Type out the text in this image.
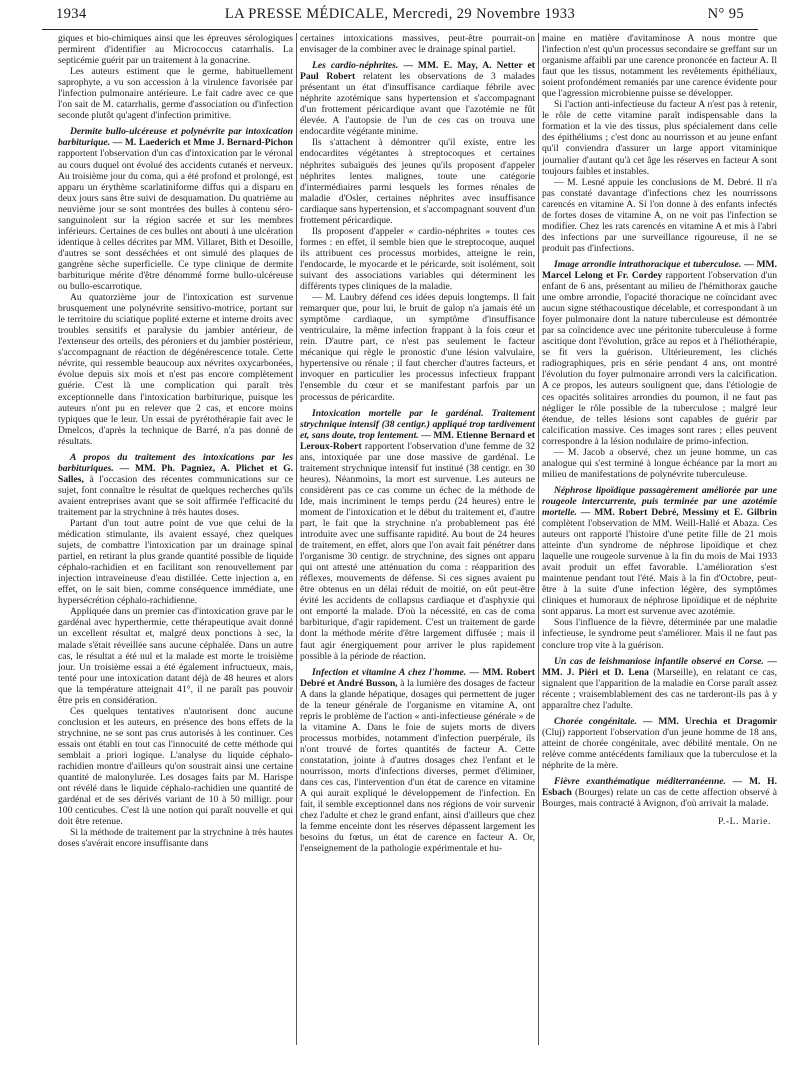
1934	LA PRESSE MÉDICALE, Mercredi, 29 Novembre 1933	N° 95

giques et bio-chimiques ainsi que les épreuves sérologiques permirent d'identifier au Micrococcus catarrhalis. La septicémie guérit par un traitement à la gonacrine.

Les auteurs estiment que le germe, habituellement saprophyte, a vu son accession à la virulence favorisée par l'infection pulmonaire antérieure. Le fait cadre avec ce que l'on sait de M. catarrhalis, germe d'association ou d'infection seconde plutôt qu'agent d'infection primitive.

Dermite bullo-ulcéreuse et polynévrite par intoxication barbiturique. — M. Laederich et Mme J. Bernard-Pichon rapportent l'observation d'un cas d'intoxication par le véronal au cours duquel ont évolué des accidents cutanés et nerveux. Au troisième jour du coma, qui a été profond et prolongé, est apparu un érythème scarlatiniforme diffus qui a disparu en deux jours sans être suivi de desquamation. Du quatrième au neuvième jour se sont montrées des bulles à contenu séro-sanguinolent sur la région sacrée et sur les membres inférieurs. Certaines de ces bulles ont abouti à une ulcération identique à celles décrites par MM. Villaret, Bith et Desoille, d'autres se sont desséchées et ont simulé des plaques de gangrène sèche superficielle. Ce type clinique de dermite barbiturique mérite d'être dénommé forme bullo-ulcéreuse ou bullo-escarrotique.

Au quatorzième jour de l'intoxication est survenue brusquement une polynévrite sensitivo-motrice, portant sur le territoire du sciatique poplité externe et interne droits avec troubles sensitifs et paralysie du jambier antérieur, de l'extenseur des orteils, des péroniers et du jambier postérieur, s'accompagnant de réaction de dégénérescence totale. Cette névrite, qui ressemble beaucoup aux névrites oxycarbonées, évolue depuis six mois et n'est pas encore complètement guérie. C'est là une complication qui paraît très exceptionnelle dans l'intoxication barbiturique, puisque les auteurs n'ont pu en relever que 2 cas, et encore moins typiques que le leur. Un essai de pyrétothérapie fait avec le Dmelcos, d'après la technique de Barré, n'a pas donné de résultats.

A propos du traitement des intoxications par les barbituriques. — MM. Ph. Pagniez, A. Plichet et G. Salles, à l'occasion des récentes communications sur ce sujet, font connaître le résultat de quelques recherches qu'ils avaient entreprises avant que se soit affirmée l'efficacité du traitement par la strychnine à très hautes doses.

Partant d'un tout autre point de vue que celui de la médication stimulante, ils avaient essayé, chez quelques sujets, de combattre l'intoxication par un drainage spinal partiel, en retirant la plus grande quantité possible de liquide céphalo-rachidien et en facilitant son renouvellement par injection intraveineuse d'eau distillée. Cette injection a, en effet, on le sait bien, comme conséquence immédiate, une hypersécrétion céphalo-rachidienne.

Appliquée dans un premier cas d'intoxication grave par le gardénal avec hyperthermie, cette thérapeutique avait donné un excellent résultat et, malgré deux ponctions à sec, la malade s'était réveillée sans aucune céphalée. Dans un autre cas, le résultat a été nul et la malade est morte le troisième jour. Un troisième essai a été également infructueux, mais, tenté pour une intoxication datant déjà de 48 heures et alors que la température atteignait 41°, il ne paraît pas pouvoir être pris en considération.

Ces quelques tentatives n'autorisent donc aucune conclusion et les auteurs, en présence des bons effets de la strychnine, ne se sont pas crus autorisés à les continuer. Ces essais ont établi en tout cas l'innocuité de cette méthode qui semblait a priori logique. L'analyse du liquide céphalo-rachidien montre d'ailleurs qu'on soustrait ainsi une certaine quantité de malonylurée. Les dosages faits par M. Harispe ont révélé dans le liquide céphalo-rachidien une quantité de gardénal et de ses dérivés variant de 10 à 50 milligr. pour 100 centicubes. C'est là une notion qui paraît nouvelle et qui doit être retenue.

Si la méthode de traitement par la strychnine à très hautes doses s'avérait encore insuffisante dans

certaines intoxications massives, peut-être pourrait-on envisager de la combiner avec le drainage spinal partiel.

Les cardio-néphrites. — MM. E. May, A. Netter et Paul Robert relatent les observations de 3 malades présentant un état d'insuffisance cardiaque fébrile avec néphrite azotémique sans hypertension et s'accompagnant d'un frottement péricardique avant que l'azotémie ne fût élevée. A l'autopsie de l'un de ces cas on trouva une endocardite végétante minime.

Ils s'attachent à démontrer qu'il existe, entre les endocardites végétantes à streptocoques et certaines néphrites subaiguës des jeunes qu'ils proposent d'appeler néphrites lentes malignes, toute une catégorie d'intermédiaires parmi lesquels les formes rénales de maladie d'Osler, certaines néphrites avec insuffisance cardiaque sans hypertension, et s'accompagnant souvent d'un frottement péricardique.

Ils proposent d'appeler « cardio-néphrites » toutes ces formes : en effet, il semble bien que le streptocoque, auquel ils attribuent ces processus morbides, atteigne le rein, l'endocarde, le myocarde et le péricarde, soit isolément, soit suivant des associations variables qui déterminent les différents types cliniques de la maladie.

— M. Laubry défend ces idées depuis longtemps. Il fait remarquer que, pour lui, le bruit de galop n'a jamais été un symptôme cardiaque, un symptôme d'insuffisance ventriculaire, la même infection frappant à la fois cœur et rein. D'autre part, ce n'est pas seulement le facteur mécanique qui règle le pronostic d'une lésion valvulaire, hypertensive ou rénale ; il faut chercher d'autres facteurs, et invoquer en particulier les processus infectieux frappant l'ensemble du cœur et se manifestant parfois par un processus de péricardite.

Intoxication mortelle par le gardénal. Traitement strychnique intensif (38 centigr.) appliqué trop tardivement et, sans doute, trop lentement. — MM. Etienne Bernard et Leroux-Robert rapportent l'observation d'une femme de 32 ans, intoxiquée par une dose massive de gardénal. Le traitement strychnique intensif fut institué (38 centigr. en 30 heures). Néanmoins, la mort est survenue. Les auteurs ne considèrent pas ce cas comme un échec de la méthode de Ide, mais incriminent le temps perdu (24 heures) entre le moment de l'intoxication et le début du traitement et, d'autre part, le fait que la strychnine n'a probablement pas été introduite avec une suffisante rapidité. Au bout de 24 heures de traitement, en effet, alors que l'on avait fait pénétrer dans l'organisme 30 centigr. de strychnine, des signes ont apparu qui ont attesté une atténuation du coma : réapparition des réflexes, mouvements de défense. Si ces signes avaient pu être obtenus en un délai réduit de moitié, on eût peut-être évité les accidents de collapsus cardiaque et d'asphyxie qui ont emporté la malade. D'où la nécessité, en cas de coma barbiturique, d'agir rapidement. C'est un traitement de garde dont la méthode mérite d'être largement diffusée ; mais il faut agir énergiquement pour arriver le plus rapidement possible à la période de réaction.

Infection et vitamine A chez l'homme. — MM. Robert Debré et André Busson, à la lumière des dosages de facteur A dans la glande hépatique, dosages qui permettent de juger de la teneur générale de l'organisme en vitamine A, ont repris le problème de l'action « anti-infectieuse générale » de la vitamine A. Dans le foie de sujets morts de divers processus morbides, notamment d'infection puerpérale, ils n'ont trouvé de fortes quantités de facteur A. Cette constatation, jointe à d'autres dosages chez l'enfant et le nourrisson, morts d'infections diverses, permet d'éliminer, dans ces cas, l'intervention d'un état de carence en vitamine A qui aurait expliqué le développement de l'infection. En fait, il semble exceptionnel dans nos régions de voir survenir chez l'adulte et chez le grand enfant, ainsi d'ailleurs que chez la femme enceinte dont les réserves dépassent largement les besoins du fœtus, un état de carence en facteur A. Or, l'enseignement de la pathologie expérimentale et hu-

maine en matière d'avitaminose A nous montre que l'infection n'est qu'un processus secondaire se greffant sur un organisme affaibli par une carence prononcée en facteur A. Il faut que les tissus, notamment les revêtements épithéliaux, soient profondément remaniés par une carence évidente pour que l'agression microbienne puisse se développer.

Si l'action anti-infectieuse du facteur A n'est pas à retenir, le rôle de cette vitamine paraît indispensable dans la formation et la vie des tissus, plus spécialement dans celle des épithéliums ; c'est donc au nourrisson et au jeune enfant qu'il conviendra d'assurer un large apport vitaminique journalier d'autant qu'à cet âge les réserves en facteur A sont toujours faibles et instables.

— M. Lesné appuie les conclusions de M. Debré. Il n'a pas constaté davantage d'infections chez les nourrissons carencés en vitamine A. Si l'on donne à des enfants infectés de fortes doses de vitamine A, on ne voit pas l'infection se modifier. Chez les rats carencés en vitamine A et mis à l'abri des infections par une surveillance rigoureuse, il ne se produit pas d'infections.

Image arrondie intrathoracique et tuberculose. — MM. Marcel Lelong et Fr. Cordey rapportent l'observation d'un enfant de 6 ans, présentant au milieu de l'hémithorax gauche une ombre arrondie, l'opacité thoracique ne coïncidant avec aucun signe stéthacoustique décelable, et correspondant à un foyer pulmonaire dont la nature tuberculeuse est démontrée par sa coïncidence avec une péritonite tuberculeuse à forme ascitique dont l'évolution, grâce au repos et à l'héliothérapie, se fit vers la guérison. Ultérieurement, les clichés radiographiques, pris en série pendant 4 ans, ont montré l'évolution du foyer pulmonaire arrondi vers la calcification. A ce propos, les auteurs soulignent que, dans l'étiologie de ces opacités solitaires arrondies du poumon, il ne faut pas négliger le rôle possible de la tuberculose ; malgré leur étendue, de telles lésions sont capables de guérir par calcification massive. Ces images sont rares ; elles peuvent correspondre à la lésion nodulaire de primo-infection.

— M. Jacob a observé, chez un jeune homme, un cas analogue qui s'est terminé à longue échéance par la mort au milieu de manifestations de polynévrite tuberculeuse.

Néphrose lipoïdique passagèrement améliorée par une rougeole intercurrente, puis terminée par une azotémie mortelle. — MM. Robert Debré, Messimy et E. Gilbrin complètent l'observation de MM. Weill-Hallé et Abaza. Ces auteurs ont rapporté l'histoire d'une petite fille de 21 mois atteinte d'un syndrome de néphrose lipoïdique et chez laquelle une rougeole survenue à la fin du mois de Mai 1933 avait produit un effet favorable. L'amélioration s'est maintenue pendant tout l'été. Mais à la fin d'Octobre, peut-être à la suite d'une infection légère, des symptômes cliniques et humoraux de néphrose lipoïdique et de néphrite sont apparus. La mort est survenue avec azotémie.

Sous l'influence de la fièvre, déterminée par une maladie infectieuse, le syndrome peut s'améliorer. Mais il ne faut pas conclure trop vite à la guérison.

Un cas de leishmaniose infantile observé en Corse. — MM. J. Piéri et D. Lena (Marseille), en relatant ce cas, signalent que l'apparition de la maladie en Corse paraît assez récente ; vraisemblablement des cas ne tarderont-ils pas à y apparaître chez l'adulte.

Chorée congénitale. — MM. Urechia et Dragomir (Cluj) rapportent l'observation d'un jeune homme de 18 ans, atteint de chorée congénitale, avec débilité mentale. On ne relève comme antécédents familiaux que la tuberculose et la néphrite de la mère.

Fièvre exanthématique méditerranéenne. — M. H. Esbach (Bourges) relate un cas de cette affection observé à Bourges, mais contracté à Avignon, d'où arrivait la malade.

P.-L. Marie.
